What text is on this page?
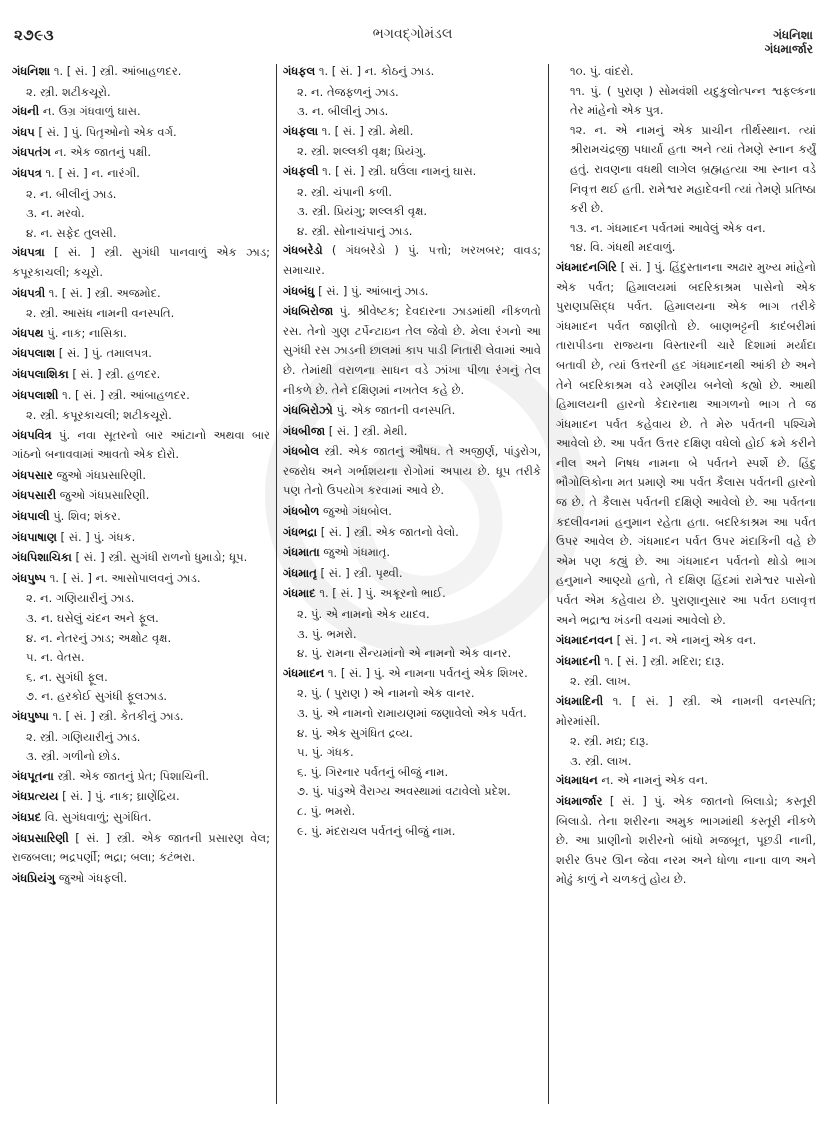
૨૭૯૩	ભગવદ્ગોમંડલ	ગંધનિશા
ગંધમાર્જાર
ગંધનિશા ૧. [ સં. ] સ્ત્રી. આંબાહળદર.
૨. સ્ત્રી. શટીકચૂરો.
ગંધની ન. ઉગ્ર ગંધવાળું ઘાસ.
ગંધપ [ સં. ] પું. પિતૃઓનો એક વર્ગ.
ગંધપતંગ ન. એક જાતનું પક્ષી.
ગંધપત્ર ૧. [ સં. ] ન. નારંગી.
૨. ન. બીલીનું ઝાડ.
૩. ન. મરવો.
૪. ન. સફેદ તુલસી.
ગંધપત્રા [ સં. ] સ્ત્રી. સુગંધી પાનવાળું એક ઝાડ; કપૂરકાચલી; કચૂરો.
ગંધપત્રી ૧. [ સં. ] સ્ત્રી. અજમોદ.
૨. સ્ત્રી. આસંધ નામની વનસ્પતિ.
ગંધપથ પું. નાક; નાસિકા.
ગંધપલાશ [ સં. ] પું. તમાલપત્ર.
ગંધપલાશિકા [ સં. ] સ્ત્રી. હળદર.
ગંધપલાશી ૧. [ સં. ] સ્ત્રી. આંબાહળદર.
૨. સ્ત્રી. કપૂરકાચલી; શટીકચૂરો.
ગંધપવિત્ર પું. નવા સૂતરનો બાર આંટાનો અથવા બાર ગાંઠનો બનાવવામાં આવતો એક દોરો.
ગંધપસાર જુઓ ગંધપ્રસારિણી.
ગંધપસારી જુઓ ગંધપ્રસારિણી.
ગંધપાલી પું. શિવ; શંકર.
ગંધપાષાણ [ સં. ] પું. ગંધક.
ગંધપિશાચિકા [ સં. ] સ્ત્રી. સુગંધી રાળનો ધુમાડો; ધૂપ.
ગંધપુષ્પ ૧. [ સં. ] ન. આસોપાલવનું ઝાડ.
૨. ન. ગણિયારીનું ઝાડ.
૩. ન. ઘસેલું ચંદન અને ફૂલ.
૪. ન. નેતરનું ઝાડ; અક્ષોટ વૃક્ષ.
૫. ન. વેતસ.
૬. ન. સુગંધી ફૂલ.
૭. ન. હરકોઈ સુગંધી ફૂલઝાડ.
ગંધપુષ્પા ૧. [ સં. ] સ્ત્રી. કેતકીનું ઝાડ.
૨. સ્ત્રી. ગણિયારીનું ઝાડ.
૩. સ્ત્રી. ગળીનો છોડ.
ગંધપૂતના સ્ત્રી. એક જાતનું પ્રેત; પિશાચિની.
ગંધપ્રત્યય [ સં. ] પું. નાક; ઘ્રાણેંદ્રિય.
ગંધપ્રદ વિ. સુગંધવાળું; સુગંધિત.
ગંધપ્રસારિણી [ સં. ] સ્ત્રી. એક જાતની પ્રસારણ વેલ; રાજબલા; ભદ્રપર્ણી; ભદ્રા; બલા; કટંભરા.
ગંધપ્રિયંગુ જુઓ ગંધફલી.
ગંધફલ ૧. [ સં. ] ન. કોઠનું ઝાડ.
૨. ન. તેજફળનું ઝાડ.
૩. ન. બીલીનું ઝાડ.
ગંધફલા ૧. [ સં. ] સ્ત્રી. મેથી.
૨. સ્ત્રી. શલ્લકી વૃક્ષ; પ્રિયંગુ.
ગંધફલી ૧. [ સં. ] સ્ત્રી. ઘઉંલા નામનું ઘાસ.
૨. સ્ત્રી. ચંપાની કળી.
૩. સ્ત્રી. પ્રિયંગુ; શલ્લકી વૃક્ષ.
૪. સ્ત્રી. સોનાચંપાનું ઝાડ.
ગંધબરેડો ( ગંધબરેડો ) પું. પત્તો; ખરખબર; વાવડ; સમાચાર.
ગંધબંધુ [ સં. ] પું. આંબાનું ઝાડ.
ગંધબિરોજા પું. શ્રીવેષ્ટક; દેવદારના ઝાડમાંથી નીકળતો રસ. તેનો ગુણ ટર્પેન્ટાઇન તેલ જેવો છે. મેલા રંગનો આ સુગંધી રસ ઝાડની છાલમાં કાપ પાડી નિતારી લેવામાં આવે છે. તેમાંથી વરાળના સાધન વડે ઝાંખા પીળા રંગનું તેલ નીકળે છે. તેને દક્ષિણમાં નખતેલ કહે છે.
ગંધબિરોઝો પું. એક જાતની વનસ્પતિ.
ગંધબીજા [ સં. ] સ્ત્રી. મેથી.
ગંધબોલ સ્ત્રી. એક જાતનું ઔષધ. તે અજીર્ણ, પાંડુરોગ, રજરોધ અને ગર્ભાશયના રોગોમાં અપાય છે. ધૂપ તરીકે પણ તેનો ઉપયોગ કરવામાં આવે છે.
ગંધબોળ જુઓ ગંધબોલ.
ગંધભદ્રા [ સં. ] સ્ત્રી. એક જાતનો વેલો.
ગંધમાતા જુઓ ગંધમાતૃ.
ગંધમાતૃ [ સં. ] સ્ત્રી. પૃથ્વી.
ગંધમાદ ૧. [ સં. ] પું. અક્રૂરનો ભાઈ.
૨. પું. એ નામનો એક યાદવ.
૩. પું. ભમરો.
૪. પું. રામના સૈન્યમાંનો એ નામનો એક વાનર.
ગંધમાદન ૧. [ સં. ] પું. એ નામના પર્વતનું એક શિખર.
૨. પું. ( પુરાણ ) એ નામનો એક વાનર.
૩. પું. એ નામનો રામાયણમાં જણાવેલો એક પર્વત.
૪. પું. એક સુગંધિત દ્રવ્ય.
૫. પું. ગંધક.
૬. પું. ગિરનાર પર્વતનું બીજું નામ.
૭. પું. પાંડુએ વૈરાગ્ય અવસ્થામાં વટાવેલો પ્રદેશ.
૮. પું. ભમરો.
૯. પું. મંદરાચલ પર્વતનું બીજું નામ.
૧૦. પું. વાંદરો.
૧૧. પું. ( પુરાણ ) સોમવંશી યદુકુલોત્પન્ન શ્વફલ્કના તેર માંહેનો એક પુત્ર.
૧૨. ન. એ નામનું એક પ્રાચીન તીર્થસ્થાન. ત્યાં શ્રીરામચંદ્રજી પધાર્યા હતા અને ત્યાં તેમણે સ્નાન કર્યું હતું. રાવણના વધથી લાગેલ બ્રહ્મહત્યા આ સ્નાન વડે નિવૃત્ત થઈ હતી. રામેશ્વર મહાદેવની ત્યાં તેમણે પ્રતિષ્ઠા કરી છે.
૧૩. ન. ગંધમાદન પર્વતમાં આવેલું એક વન.
૧૪. વિ. ગંધથી મદવાળું.
ગંધમાદનગિરિ [ સં. ] પું. હિંદુસ્તાનના અઢાર મુખ્ય માંહેનો એક પર્વત; હિમાલયમાં બદરિકાશ્રમ પાસેનો એક પુરાણપ્રસિદ્ધ પર્વત. હિમાલયના એક ભાગ તરીકે ગંધમાદન પર્વત જાણીતો છે. બાણભટ્ટની કાદંબરીમાં તારાપીડના રાજ્યના વિસ્તારની ચારે દિશામાં મર્યાદા બતાવી છે, ત્યાં ઉત્તરની હદ ગંધમાદનથી આંકી છે અને તેને બદરિકાશ્રમ વડે રમણીય બનેલો કહ્યો છે. આથી હિમાલયની હારનો કેદારનાથ આગળનો ભાગ તે જ ગંધમાદન પર્વત કહેવાય છે. તે મેરુ પર્વતની પશ્ચિમે આવેલો છે. આ પર્વત ઉત્તર દક્ષિણ વધેલો હોઈ ક્રમે કરીને નીલ અને નિષધ નામના બે પર્વતને સ્પર્શે છે. હિંદુ ભૌગોલિકોના મત પ્રમાણે આ પર્વત કૈલાસ પર્વતની હારનો જ છે. તે કૈલાસ પર્વતની દક્ષિણે આવેલો છે. આ પર્વતના કદલીવનમાં હનુમાન રહેતા હતા. બદરિકાશ્રમ આ પર્વત ઉપર આવેલ છે. ગંધમાદન પર્વત ઉપર મંદાકિની વહે છે એમ પણ કહ્યું છે. આ ગંધમાદન પર્વતનો થોડો ભાગ હનુમાને આણ્યો હતો, તે દક્ષિણ હિંદમાં રામેશ્વર પાસેનો પર્વત એમ કહેવાય છે. પુરાણાનુસાર આ પર્વત ઇલાવૃત્ત અને ભદ્રાશ્વ ખંડની વચમાં આવેલો છે.
ગંધમાદનવન [ સં. ] ન. એ નામનું એક વન.
ગંધમાદની ૧. [ સં. ] સ્ત્રી. મદિરા; દારૂ.
૨. સ્ત્રી. લાખ.
ગંધમાદિની ૧. [ સં. ] સ્ત્રી. એ નામની વનસ્પતિ; મોરમાંસી.
૨. સ્ત્રી. મદ્ય; દારૂ.
૩. સ્ત્રી. લાખ.
ગંધમાધન ન. એ નામનું એક વન.
ગંધમાર્જાર [ સં. ] પું. એક જાતનો બિલાડો; કસ્તૂરી બિલાડો. તેના શરીરના અમુક ભાગમાંથી કસ્તૂરી નીકળે છે. આ પ્રાણીનો શરીરનો બાંધો મજબૂત, પૂછડી નાની, શરીર ઉપર ઊન જેવા નરમ અને ધોળા નાના વાળ અને મોઢું કાળું ને ચળકતું હોય છે.
